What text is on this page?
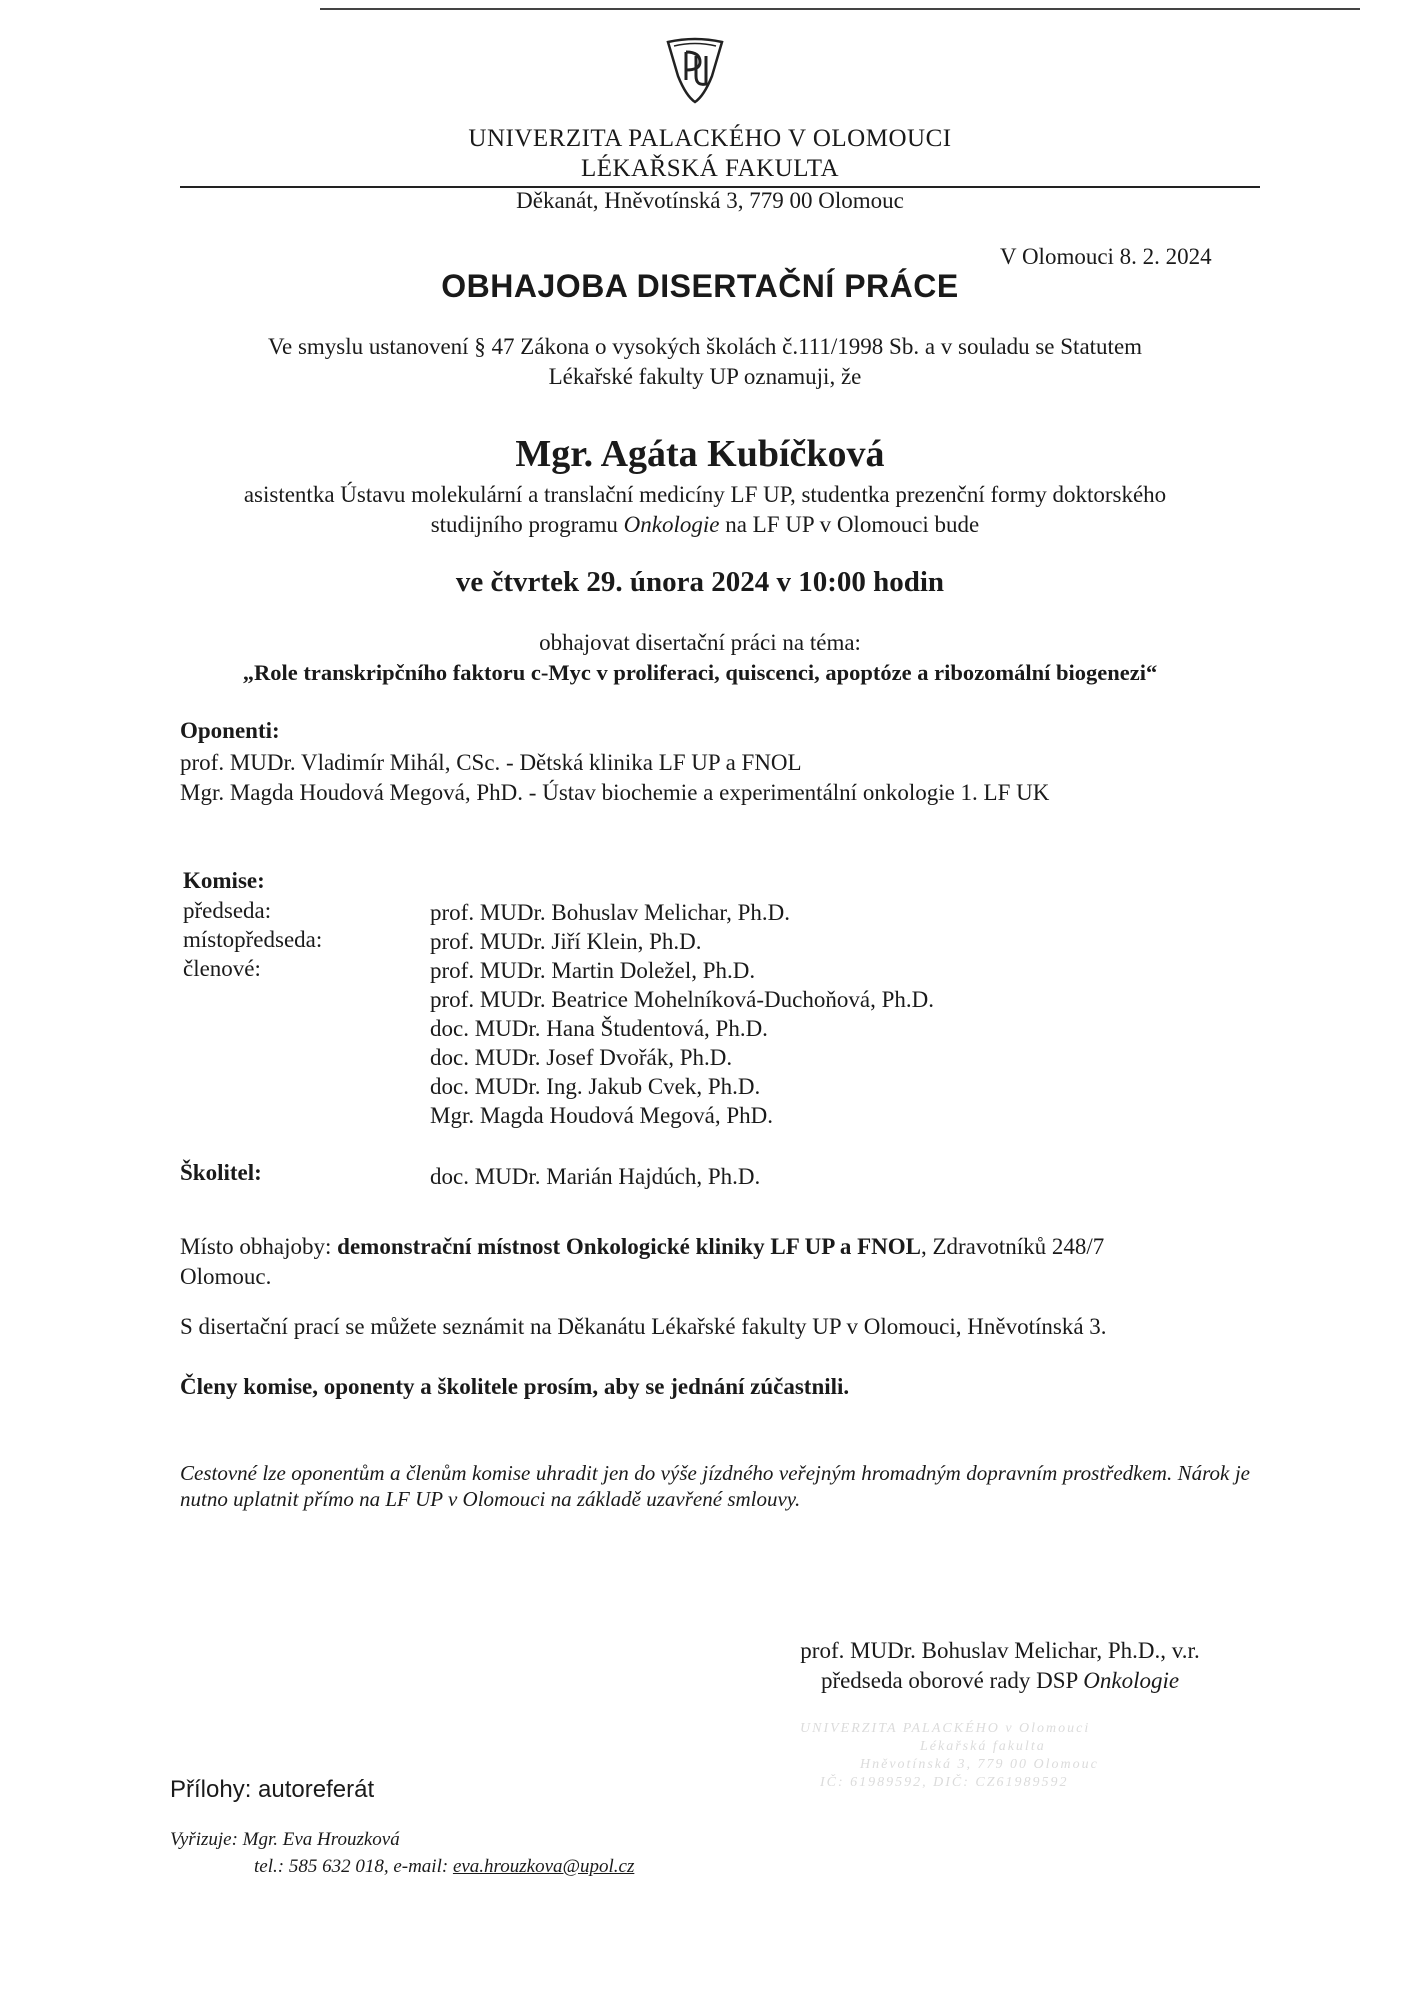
UNIVERZITA PALACKÉHO V OLOMOUCI
LÉKAŘSKÁ FAKULTA
Děkanát, Hněvotínská 3, 779 00 Olomouc
V Olomouci 8. 2. 2024
OBHAJOBA DISERTAČNÍ PRÁCE
Ve smyslu ustanovení § 47 Zákona o vysokých školách č.111/1998 Sb. a v souladu se Statutem
Lékařské fakulty UP oznamuji, že
Mgr. Agáta Kubíčková
asistentka Ústavu molekulární a translační medicíny LF UP, studentka prezenční formy doktorského
studijního programu Onkologie na LF UP v Olomouci bude
ve čtvrtek 29. února 2024 v 10:00 hodin
obhajovat disertační práci na téma:
„Role transkripčního faktoru c-Myc v proliferaci, quiscenci, apoptóze a ribozomální biogenezi“
Oponenti:
prof. MUDr. Vladimír Mihál, CSc. - Dětská klinika LF UP a FNOL
Mgr. Magda Houdová Megová, PhD. - Ústav biochemie a experimentální onkologie 1. LF UK
Komise:
předseda:
místopředseda:
členové:
prof. MUDr. Bohuslav Melichar, Ph.D.
prof. MUDr. Jiří Klein, Ph.D.
prof. MUDr. Martin Doležel, Ph.D.
prof. MUDr. Beatrice Mohelníková-Duchoňová, Ph.D.
doc. MUDr. Hana Študentová, Ph.D.
doc. MUDr. Josef Dvořák, Ph.D.
doc. MUDr. Ing. Jakub Cvek, Ph.D.
Mgr. Magda Houdová Megová, PhD.
Školitel:	doc. MUDr. Marián Hajdúch, Ph.D.
Místo obhajoby: demonstrační místnost Onkologické kliniky LF UP a FNOL, Zdravotníků 248/7
Olomouc.
S disertační prací se můžete seznámit na Děkanátu Lékařské fakulty UP v Olomouci, Hněvotínská 3.
Členy komise, oponenty a školitele prosím, aby se jednání zúčastnili.
Cestovné lze oponentům a členům komise uhradit jen do výše jízdného veřejným hromadným dopravním prostředkem. Nárok je nutno uplatnit přímo na LF UP v Olomouci na základě uzavřené smlouvy.
prof. MUDr. Bohuslav Melichar, Ph.D., v.r.
předseda oborové rady DSP Onkologie
UNIVERZITA PALACKÉHO v Olomouci
Lékařská fakulta
Hněvotínská 3, 779 00 Olomouc
IČ: 61989592, DIČ: CZ61989592
Přílohy: autoreferát
Vyřizuje: Mgr. Eva Hrouzková
tel.: 585 632 018, e-mail: eva.hrouzkova@upol.cz
